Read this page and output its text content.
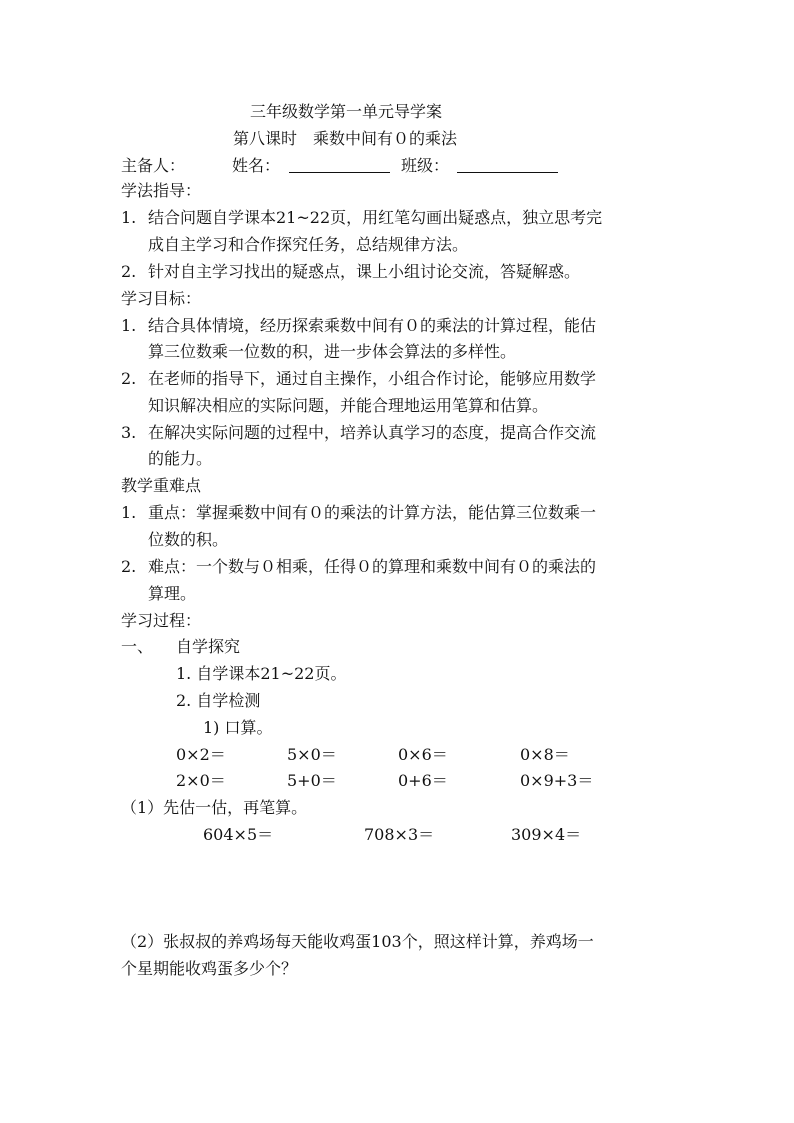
三年级数学第一单元导学案
第八课时　乘数中间有０的乘法
主备人：	姓名：	班级：
学法指导：
1. 结合问题自学课本21~22页，用红笔勾画出疑惑点，独立思考完
成自主学习和合作探究任务，总结规律方法。
2. 针对自主学习找出的疑惑点，课上小组讨论交流，答疑解惑。
学习目标：
1. 结合具体情境，经历探索乘数中间有０的乘法的计算过程，能估
算三位数乘一位数的积，进一步体会算法的多样性。
2. 在老师的指导下，通过自主操作，小组合作讨论，能够应用数学
知识解决相应的实际问题，并能合理地运用笔算和估算。
3. 在解决实际问题的过程中，培养认真学习的态度，提高合作交流
的能力。
教学重难点
1. 重点：掌握乘数中间有０的乘法的计算方法，能估算三位数乘一
位数的积。
2. 难点：一个数与０相乘，任得０的算理和乘数中间有０的乘法的
算理。
学习过程：
一、 自学探究
1. 自学课本21~22页。
2. 自学检测
1) 口算。
0×2＝	5×0＝	0×6＝	0×8＝
2×0＝	5+0＝	0+6＝	0×9+3＝
（1）先估一估，再笔算。
604×5＝	708×3＝	309×4＝
（2）张叔叔的养鸡场每天能收鸡蛋103个，照这样计算，养鸡场一
个星期能收鸡蛋多少个？
